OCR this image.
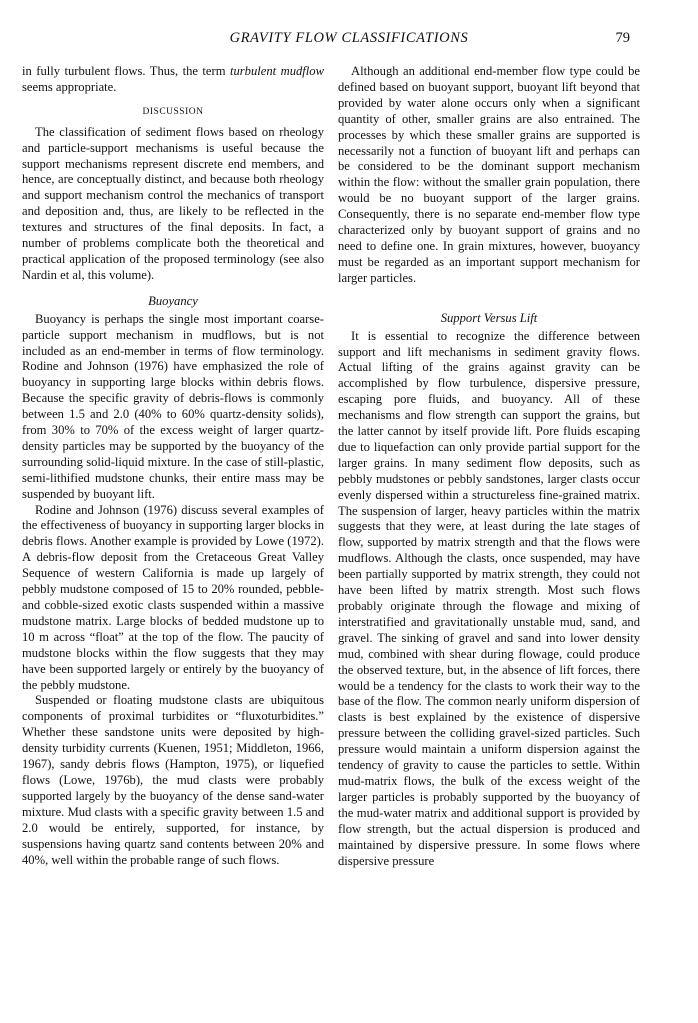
GRAVITY FLOW CLASSIFICATIONS	79

in fully turbulent flows. Thus, the term turbulent mudflow seems appropriate.

DISCUSSION

The classification of sediment flows based on rheology and particle-support mechanisms is useful because the support mechanisms represent discrete end members, and hence, are conceptually distinct, and because both rheology and support mechanism control the mechanics of transport and deposition and, thus, are likely to be reflected in the textures and structures of the final deposits. In fact, a number of problems complicate both the theoretical and practical application of the proposed terminology (see also Nardin et al, this volume).

Buoyancy

Buoyancy is perhaps the single most important coarse-particle support mechanism in mudflows, but is not included as an end-member in terms of flow terminology. Rodine and Johnson (1976) have emphasized the role of buoyancy in supporting large blocks within debris flows. Because the specific gravity of debris-flows is commonly between 1.5 and 2.0 (40% to 60% quartz-density solids), from 30% to 70% of the excess weight of larger quartz-density particles may be supported by the buoyancy of the surrounding solid-liquid mixture. In the case of still-plastic, semi-lithified mudstone chunks, their entire mass may be suspended by buoyant lift.

Rodine and Johnson (1976) discuss several examples of the effectiveness of buoyancy in supporting larger blocks in debris flows. Another example is provided by Lowe (1972). A debris-flow deposit from the Cretaceous Great Valley Sequence of western California is made up largely of pebbly mudstone composed of 15 to 20% rounded, pebble- and cobble-sized exotic clasts suspended within a massive mudstone matrix. Large blocks of bedded mudstone up to 10 m across “float” at the top of the flow. The paucity of mudstone blocks within the flow suggests that they may have been supported largely or entirely by the buoyancy of the pebbly mudstone.

Suspended or floating mudstone clasts are ubiquitous components of proximal turbidites or “fluxoturbidites.” Whether these sandstone units were deposited by high-density turbidity currents (Kuenen, 1951; Middleton, 1966, 1967), sandy debris flows (Hampton, 1975), or liquefied flows (Lowe, 1976b), the mud clasts were probably supported largely by the buoyancy of the dense sand-water mixture. Mud clasts with a specific gravity between 1.5 and 2.0 would be entirely, supported, for instance, by suspensions having quartz sand contents between 20% and 40%, well within the probable range of such flows.

Although an additional end-member flow type could be defined based on buoyant support, buoyant lift beyond that provided by water alone occurs only when a significant quantity of other, smaller grains are also entrained. The processes by which these smaller grains are supported is necessarily not a function of buoyant lift and perhaps can be considered to be the dominant support mechanism within the flow: without the smaller grain population, there would be no buoyant support of the larger grains. Consequently, there is no separate end-member flow type characterized only by buoyant support of grains and no need to define one. In grain mixtures, however, buoyancy must be regarded as an important support mechanism for larger particles.

Support Versus Lift

It is essential to recognize the difference between support and lift mechanisms in sediment gravity flows. Actual lifting of the grains against gravity can be accomplished by flow turbulence, dispersive pressure, escaping pore fluids, and buoyancy. All of these mechanisms and flow strength can support the grains, but the latter cannot by itself provide lift. Pore fluids escaping due to liquefaction can only provide partial support for the larger grains. In many sediment flow deposits, such as pebbly mudstones or pebbly sandstones, larger clasts occur evenly dispersed within a structureless fine-grained matrix. The suspension of larger, heavy particles within the matrix suggests that they were, at least during the late stages of flow, supported by matrix strength and that the flows were mudflows. Although the clasts, once suspended, may have been partially supported by matrix strength, they could not have been lifted by matrix strength. Most such flows probably originate through the flowage and mixing of interstratified and gravitationally unstable mud, sand, and gravel. The sinking of gravel and sand into lower density mud, combined with shear during flowage, could produce the observed texture, but, in the absence of lift forces, there would be a tendency for the clasts to work their way to the base of the flow. The common nearly uniform dispersion of clasts is best explained by the existence of dispersive pressure between the colliding gravel-sized particles. Such pressure would maintain a uniform dispersion against the tendency of gravity to cause the particles to settle. Within mud-matrix flows, the bulk of the excess weight of the larger particles is probably supported by the buoyancy of the mud-water matrix and additional support is provided by flow strength, but the actual dispersion is produced and maintained by dispersive pressure. In some flows where dispersive pressure
